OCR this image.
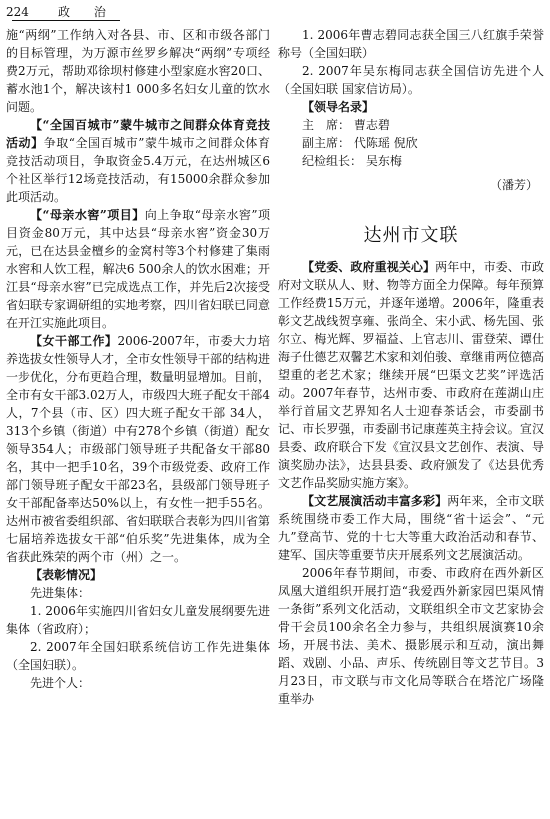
224 政 治

施“两纲”工作纳入对各县、市、区和市级各部门的目标管理，为万源市丝罗乡解决“两纲”专项经费2万元，帮助邓徐坝村修建小型家庭水窖20口、蓄水池1个，解决该村1 000多名妇女儿童的饮水问题。

【“全国百城市”蒙牛城市之间群众体育竞技活动】争取“全国百城市”蒙牛城市之间群众体育竞技活动项目，争取资金5.4万元，在达州城区6个社区举行12场竞技活动，有15000余群众参加此项活动。

【“母亲水窖”项目】向上争取“母亲水窖”项目资金80万元，其中达县“母亲水窖”资金30万元，已在达县金檀乡的金窝村等3个村修建了集雨水窖和人饮工程，解决6 500余人的饮水困难；开江县“母亲水窖”已完成选点工作，并先后2次接受省妇联专家调研组的实地考察，四川省妇联已同意在开江实施此项目。

【女干部工作】2006-2007年，市委大力培养选拔女性领导人才，全市女性领导干部的结构进一步优化，分布更趋合理，数量明显增加。目前，全市有女干部3.02万人，市级四大班子配女干部4人，7个县（市、区）四大班子配女干部 34人，313个乡镇（街道）中有278个乡镇（街道）配女领导354人；市级部门领导班子共配备女干部80名，其中一把手10名，39个市级党委、政府工作部门领导班子配女干部23名，县级部门领导班子女干部配备率达50%以上，有女性一把手55名。达州市被省委组织部、省妇联联合表彰为四川省第七届培养选拔女干部“伯乐奖”先进集体，成为全省获此殊荣的两个市（州）之一。

【表彰情况】

先进集体：

1. 2006年实施四川省妇女儿童发展纲要先进集体（省政府）；

2. 2007年全国妇联系统信访工作先进集体（全国妇联）。

先进个人：

1. 2006年曹志碧同志获全国三八红旗手荣誉称号（全国妇联）

2. 2007年吴东梅同志获全国信访先进个人（全国妇联 国家信访局）。

【领导名录】

主　席： 曹志碧

副主席： 代陈瑶 倪欣

纪检组长： 吴东梅

（潘芳）

达州市文联

【党委、政府重视关心】两年中，市委、市政府对文联从人、财、物等方面全力保障。每年预算工作经费15万元，并逐年递增。2006年，隆重表彰文艺战线贺享雍、张尚全、宋小武、杨先国、张尔立、梅光辉、罗福益、上官志川、雷登荣、谭仕海子仕德艺双馨艺术家和刘伯骏、章继甫两位德高望重的老艺术家；继续开展“巴渠文艺奖”评选活动。2007年春节，达州市委、市政府在莲湖山庄举行首届文艺界知名人士迎春茶话会，市委副书记、市长罗强，市委副书记康莲英主持会议。宣汉县委、政府联合下发《宣汉县文艺创作、表演、导演奖励办法》，达县县委、政府颁发了《达县优秀文艺作品奖励实施方案》。

【文艺展演活动丰富多彩】两年来，全市文联系统围绕市委工作大局，围绕“省十运会”、“元九”登高节、党的十七大等重大政治活动和春节、建军、国庆等重要节庆开展系列文艺展演活动。

2006年春节期间，市委、市政府在西外新区凤凰大道组织开展打造“我爱西外新家园巴渠风情一条街”系列文化活动，文联组织全市文艺家协会骨干会员100余名全力参与，共组织展演赛10余场，开展书法、美术、摄影展示和互动，演出舞蹈、戏剧、小品、声乐、传统剧目等文艺节目。3月23日，市文联与市文化局等联合在塔沱广场隆重举办
